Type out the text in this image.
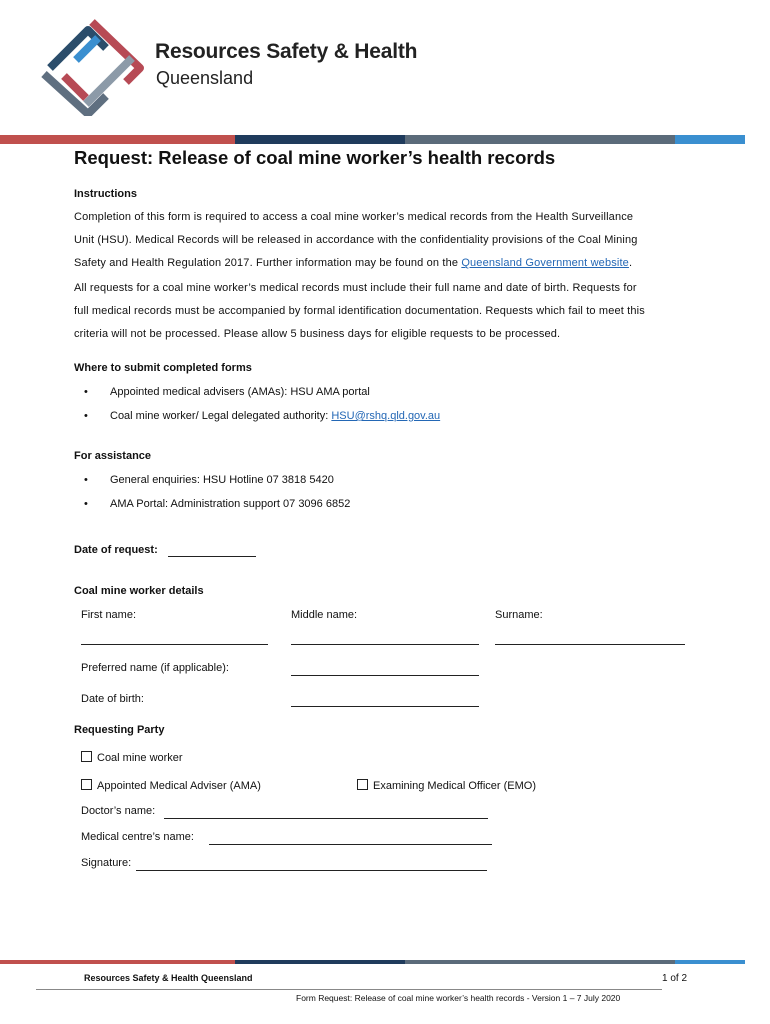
Resources Safety & Health
Queensland
Request: Release of coal mine worker’s health records
Instructions
Completion of this form is required to access a coal mine worker’s medical records from the Health Surveillance
Unit (HSU). Medical Records will be released in accordance with the confidentiality provisions of the Coal Mining
Safety and Health Regulation 2017. Further information may be found on the Queensland Government website.
All requests for a coal mine worker’s medical records must include their full name and date of birth. Requests for
full medical records must be accompanied by formal identification documentation. Requests which fail to meet this
criteria will not be processed. Please allow 5 business days for eligible requests to be processed.
Where to submit completed forms
• Appointed medical advisers (AMAs): HSU AMA portal
• Coal mine worker/ Legal delegated authority: HSU@rshq.qld.gov.au
For assistance
• General enquiries: HSU Hotline 07 3818 5420
• AMA Portal: Administration support 07 3096 6852
Date of request:
Coal mine worker details
First name:	Middle name:	Surname:
Preferred name (if applicable):
Date of birth:
Requesting Party
Coal mine worker
Appointed Medical Adviser (AMA)	Examining Medical Officer (EMO)
Doctor’s name:
Medical centre’s name:
Signature:
Resources Safety & Health Queensland	1 of 2
Form Request: Release of coal mine worker’s health records - Version 1 – 7 July 2020
